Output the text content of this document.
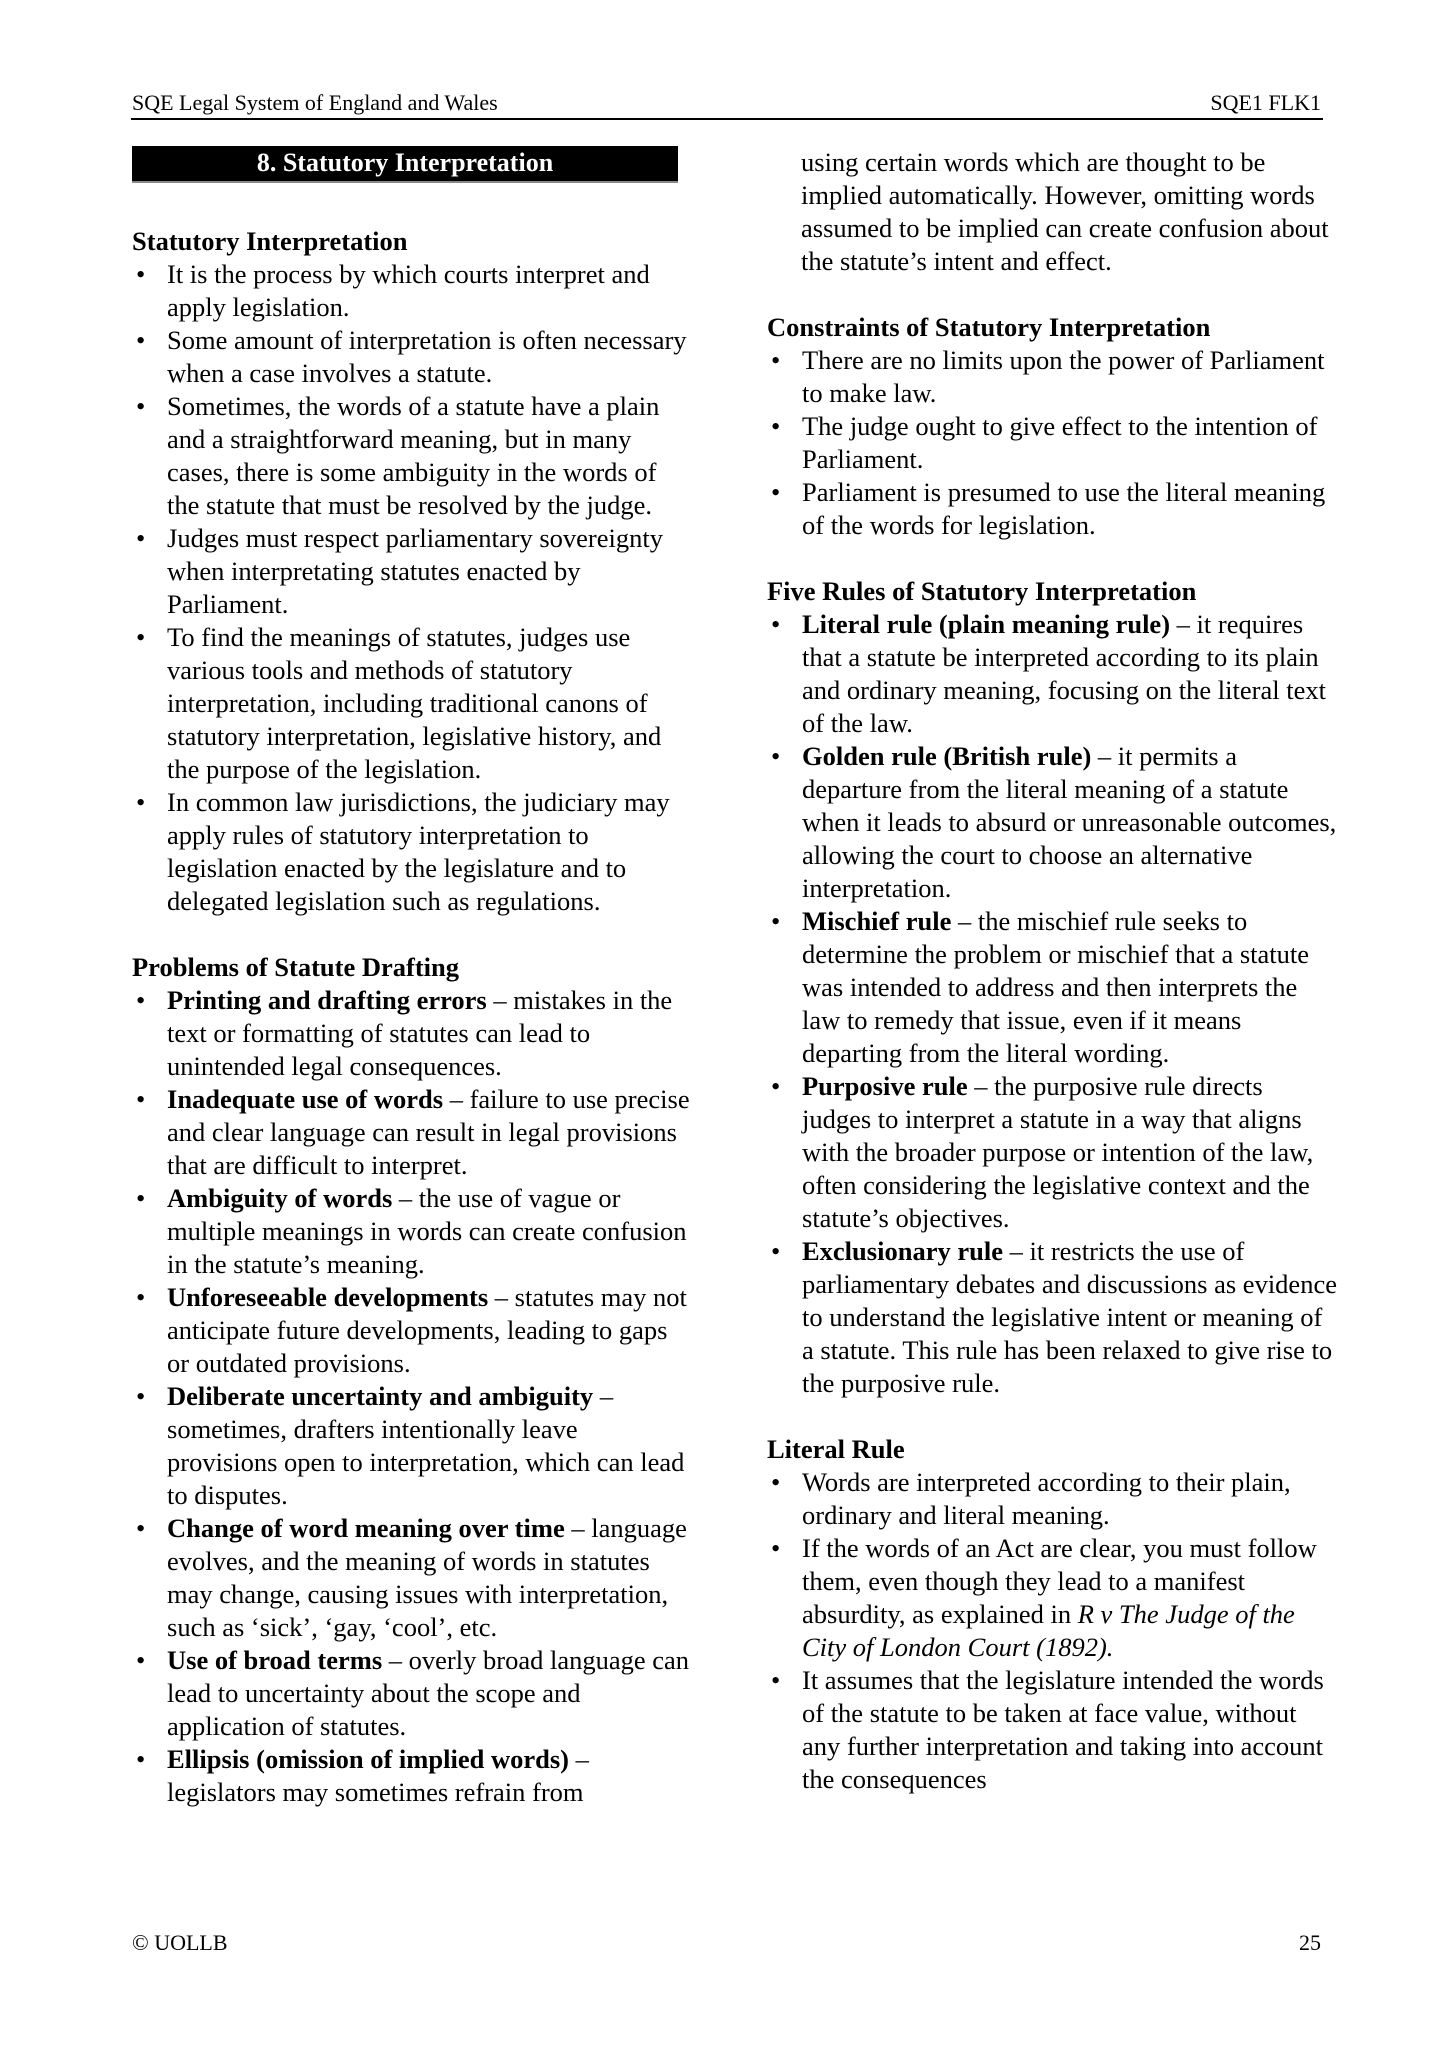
SQE Legal System of England and Wales	SQE1 FLK1
8. Statutory Interpretation

Statutory Interpretation

• It is the process by which courts interpret and apply legislation.
• Some amount of interpretation is often necessary when a case involves a statute.
• Sometimes, the words of a statute have a plain and a straightforward meaning, but in many cases, there is some ambiguity in the words of the statute that must be resolved by the judge.
• Judges must respect parliamentary sovereignty when interpretating statutes enacted by Parliament.
• To find the meanings of statutes, judges use various tools and methods of statutory interpretation, including traditional canons of statutory interpretation, legislative history, and the purpose of the legislation.
• In common law jurisdictions, the judiciary may apply rules of statutory interpretation to legislation enacted by the legislature and to delegated legislation such as regulations.

Problems of Statute Drafting

• Printing and drafting errors – mistakes in the text or formatting of statutes can lead to unintended legal consequences.
• Inadequate use of words – failure to use precise and clear language can result in legal provisions that are difficult to interpret.
• Ambiguity of words – the use of vague or multiple meanings in words can create confusion in the statute’s meaning.
• Unforeseeable developments – statutes may not anticipate future developments, leading to gaps or outdated provisions.
• Deliberate uncertainty and ambiguity – sometimes, drafters intentionally leave provisions open to interpretation, which can lead to disputes.
• Change of word meaning over time – language evolves, and the meaning of words in statutes may change, causing issues with interpretation, such as ‘sick’, ‘gay, ‘cool’, etc.
• Use of broad terms – overly broad language can lead to uncertainty about the scope and application of statutes.
• Ellipsis (omission of implied words) – legislators may sometimes refrain from

using certain words which are thought to be implied automatically. However, omitting words assumed to be implied can create confusion about the statute’s intent and effect.

Constraints of Statutory Interpretation

• There are no limits upon the power of Parliament to make law.
• The judge ought to give effect to the intention of Parliament.
• Parliament is presumed to use the literal meaning of the words for legislation.

Five Rules of Statutory Interpretation

• Literal rule (plain meaning rule) – it requires that a statute be interpreted according to its plain and ordinary meaning, focusing on the literal text of the law.
• Golden rule (British rule) – it permits a departure from the literal meaning of a statute when it leads to absurd or unreasonable outcomes, allowing the court to choose an alternative interpretation.
• Mischief rule – the mischief rule seeks to determine the problem or mischief that a statute was intended to address and then interprets the law to remedy that issue, even if it means departing from the literal wording.
• Purposive rule – the purposive rule directs judges to interpret a statute in a way that aligns with the broader purpose or intention of the law, often considering the legislative context and the statute’s objectives.
• Exclusionary rule – it restricts the use of parliamentary debates and discussions as evidence to understand the legislative intent or meaning of a statute. This rule has been relaxed to give rise to the purposive rule.

Literal Rule

• Words are interpreted according to their plain, ordinary and literal meaning.
• If the words of an Act are clear, you must follow them, even though they lead to a manifest absurdity, as explained in R v The Judge of the City of London Court (1892).
• It assumes that the legislature intended the words of the statute to be taken at face value, without any further interpretation and taking into account the consequences
© UOLLB	25
